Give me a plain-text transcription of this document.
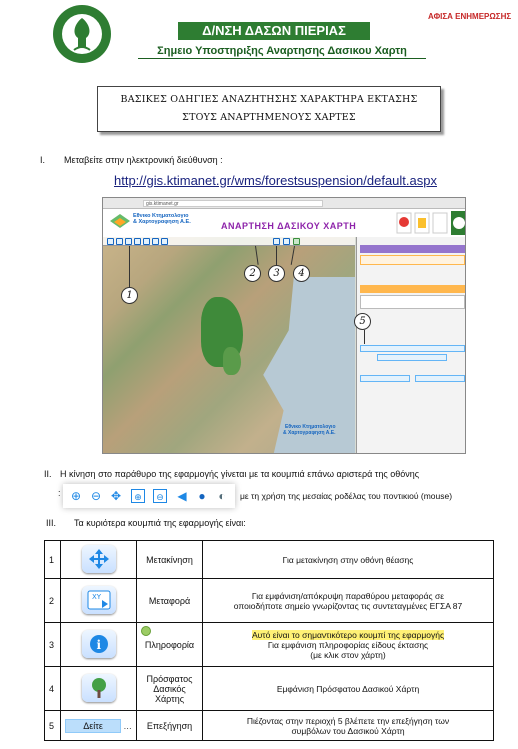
Δ/ΝΣΗ ΔΑΣΩΝ ΠΙΕΡΙΑΣ
Σημειο Υποστηριξης Αναρτησης Δασικου Χαρτη
ΑΦΙΣΑ ΕΝΗΜΕΡΩΣΗΣ
ΒΑΣΙΚΕΣ ΟΔΗΓΙΕΣ ΑΝΑΖΗΤΗΣΗΣ ΧΑΡΑΚΤΗΡΑ ΕΚΤΑΣΗΣ
ΣΤΟΥΣ ΑΝΑΡΤΗΜΕΝΟΥΣ ΧΑΡΤΕΣ
I. Μεταβείτε στην ηλεκτρονική διεύθυνση :
http://gis.ktimanet.gr/wms/forestsuspension/default.aspx
gis.ktimanet.gr
Εθνικο Κτηματολογιο
& Χαρτογραφηση Α.Ε.	ΑΝΑΡΤΗΣΗ ΔΑΣΙΚΟΥ ΧΑΡΤΗ
Εθνικο Κτηματολογιο
& Χαρτογραφηση Α.Ε.
1
2	3	4
5
II. Η κίνηση στο παράθυρο της εφαρμογής γίνεται με τα κουμπιά επάνω αριστερά της οθόνης
: ⊕ ⊖ ✥	⊕	⊖ ◀ ● ◐	με τη χρήση της μεσαίας ροδέλας του ποντικιού (mouse)
III. Τα κυριότερα κουμπιά της εφαρμογής είναι:
1		Μετακίνηση	Για μετακίνηση στην οθόνη θέασης

2	XY	Μεταφορά	Για εμφάνιση/απόκρυψη παραθύρου μεταφοράς σε
οποιοδήποτε σημείο γνωρίζοντας τις συντεταγμένες ΕΓΣΑ 87

3	i	Πληροφορία	Αυτό είναι το σημαντικότερο κουμπί της εφαρμογής
Για εμφάνιση πληροφορίας είδους έκτασης
(με κλικ στον χάρτη)

4		Πρόσφατος Δασικός Χάρτης	Εμφάνιση Πρόσφατου Δασικού Χάρτη

5	Δείτε …	Επεξήγηση	Πιέζοντας στην περιοχή 5 βλέπετε την επεξήγηση των
συμβόλων του Δασικού Χάρτη
